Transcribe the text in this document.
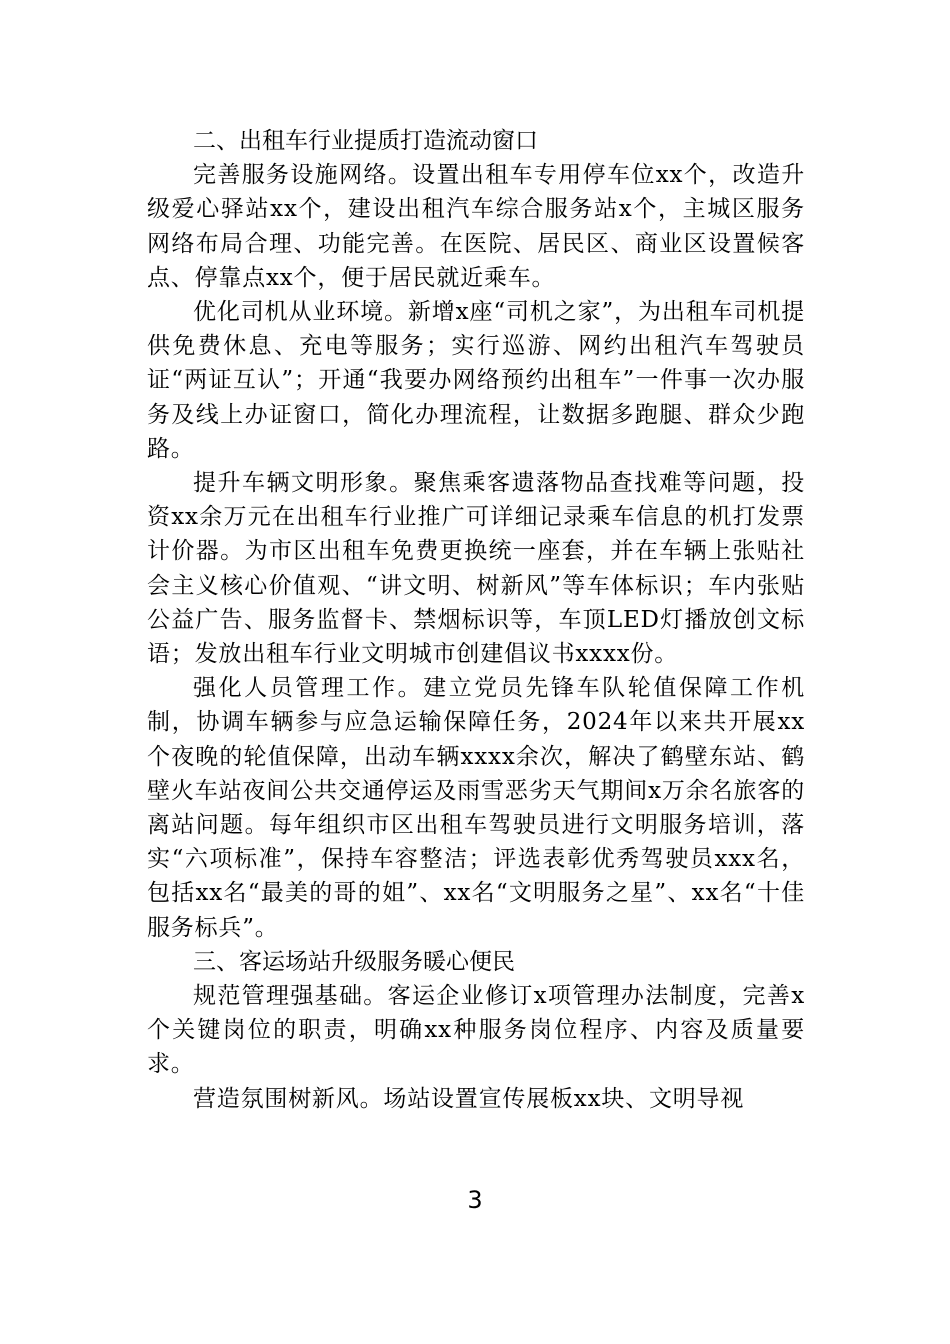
二、出租车行业提质打造流动窗口

完善服务设施网络。设置出租车专用停车位xx个，改造升级爱心驿站xx个，建设出租汽车综合服务站x个，主城区服务网络布局合理、功能完善。在医院、居民区、商业区设置候客点、停靠点xx个，便于居民就近乘车。

优化司机从业环境。新增x座“司机之家”，为出租车司机提供免费休息、充电等服务；实行巡游、网约出租汽车驾驶员证“两证互认”；开通“我要办网络预约出租车”一件事一次办服务及线上办证窗口，简化办理流程，让数据多跑腿、群众少跑路。

提升车辆文明形象。聚焦乘客遗落物品查找难等问题，投资xx余万元在出租车行业推广可详细记录乘车信息的机打发票计价器。为市区出租车免费更换统一座套，并在车辆上张贴社会主义核心价值观、“讲文明、树新风”等车体标识；车内张贴公益广告、服务监督卡、禁烟标识等，车顶LED灯播放创文标语；发放出租车行业文明城市创建倡议书xxxx份。

强化人员管理工作。建立党员先锋车队轮值保障工作机制，协调车辆参与应急运输保障任务，2024年以来共开展xx个夜晚的轮值保障，出动车辆xxxx余次，解决了鹤壁东站、鹤壁火车站夜间公共交通停运及雨雪恶劣天气期间x万余名旅客的离站问题。每年组织市区出租车驾驶员进行文明服务培训，落实“六项标准”，保持车容整洁；评选表彰优秀驾驶员xxx名，包括xx名“最美的哥的姐”、xx名“文明服务之星”、xx名“十佳服务标兵”。

三、客运场站升级服务暖心便民

规范管理强基础。客运企业修订x项管理办法制度，完善x个关键岗位的职责，明确xx种服务岗位程序、内容及质量要求。

营造氛围树新风。场站设置宣传展板xx块、文明导视

3
